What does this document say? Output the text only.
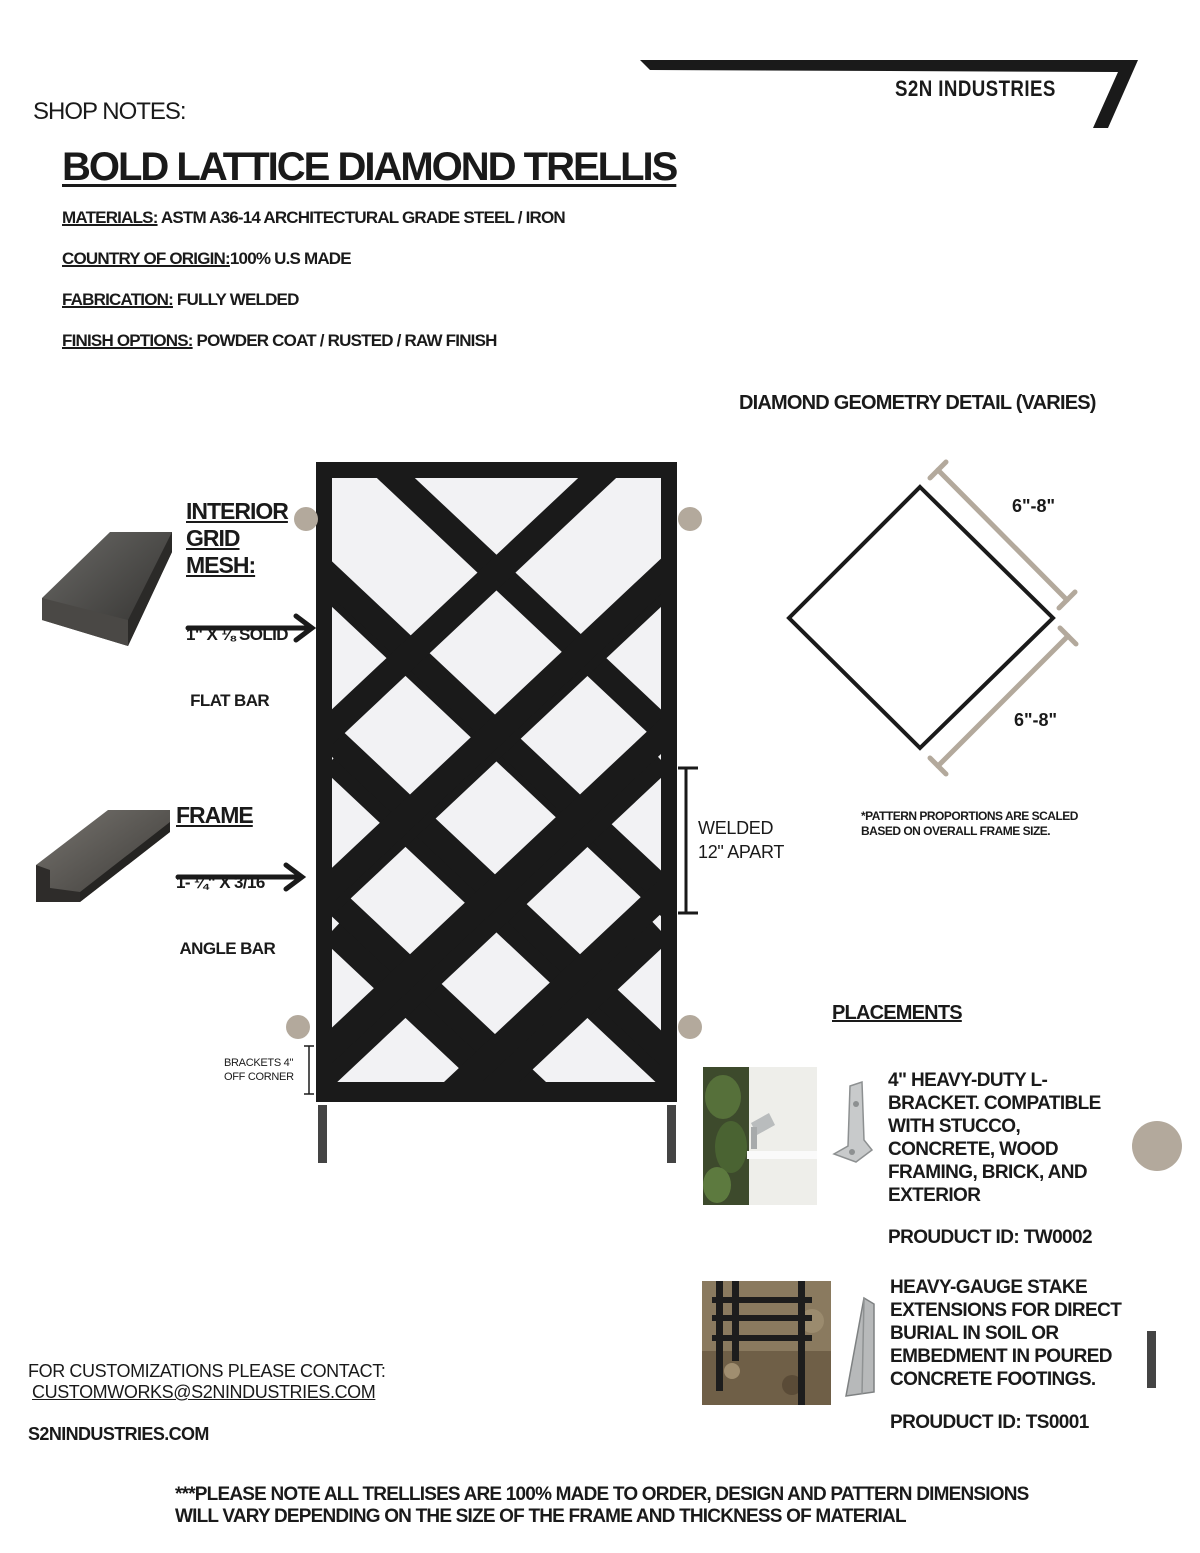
S2N INDUSTRIES
SHOP NOTES:
BOLD LATTICE DIAMOND TRELLIS
MATERIALS: ASTM A36-14 ARCHITECTURAL GRADE STEEL / IRON
COUNTRY OF ORIGIN:100% U.S MADE
FABRICATION: FULLY WELDED
FINISH OPTIONS: POWDER COAT / RUSTED / RAW FINISH
INTERIOR
GRID
MESH:

1" X ⅛ SOLID

FLAT BAR

FRAME

1- ¼" X 3/16

ANGLE BAR

WELDED
12" APART
BRACKETS 4"
OFF CORNER
DIAMOND GEOMETRY DETAIL (VARIES)
6"-8"
6"-8"
*PATTERN PROPORTIONS ARE SCALED BASED ON OVERALL FRAME SIZE.
PLACEMENTS
4" HEAVY-DUTY L-
BRACKET. COMPATIBLE
WITH STUCCO,
CONCRETE, WOOD
FRAMING, BRICK, AND
EXTERIOR
PROUDUCT ID: TW0002
HEAVY-GAUGE STAKE
EXTENSIONS FOR DIRECT
BURIAL IN SOIL OR
EMBEDMENT IN POURED
CONCRETE FOOTINGS.
PROUDUCT ID: TS0001
FOR CUSTOMIZATIONS PLEASE CONTACT:
CUSTOMWORKS@S2NINDUSTRIES.COM
S2NINDUSTRIES.COM
***PLEASE NOTE ALL TRELLISES ARE 100% MADE TO ORDER, DESIGN AND PATTERN DIMENSIONS WILL VARY DEPENDING ON THE SIZE OF THE FRAME AND THICKNESS OF MATERIAL
